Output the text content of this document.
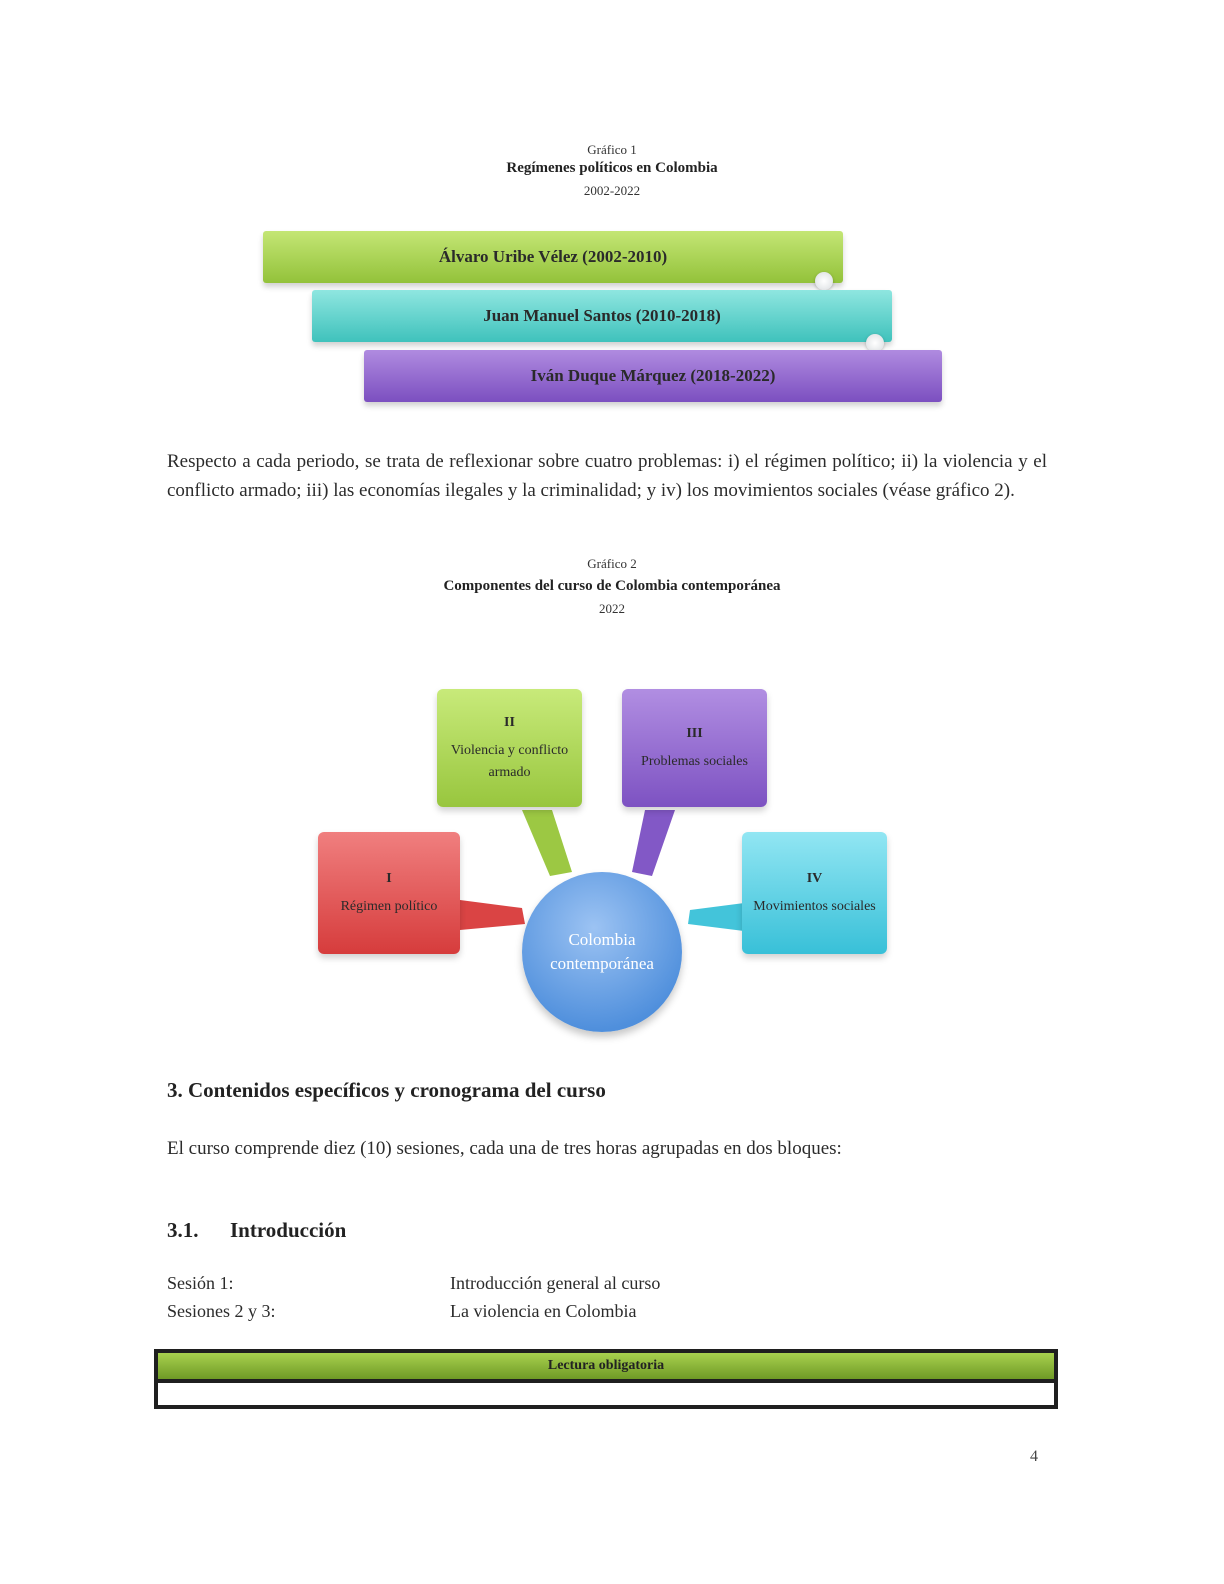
Gráfico 1
Regímenes políticos en Colombia
2002-2022
Álvaro Uribe Vélez (2002-2010)
Juan Manuel Santos (2010-2018)
Iván Duque Márquez (2018-2022)
Respecto a cada periodo, se trata de reflexionar sobre cuatro problemas: i) el régimen político; ii) la violencia y el conflicto armado; iii) las economías ilegales y la criminalidad; y iv) los movimientos sociales (véase gráfico 2).
Gráfico 2
Componentes del curso de Colombia contemporánea
2022
II
Violencia y conflicto armado
III
Problemas sociales
I
Régimen político
IV
Movimientos sociales
Colombia contemporánea
3. Contenidos específicos y cronograma del curso
El curso comprende diez (10) sesiones, cada una de tres horas agrupadas en dos bloques:
3.1.      Introducción
Sesión 1:	Introducción general al curso
Sesiones 2 y 3:	La violencia en Colombia
Lectura obligatoria
4
